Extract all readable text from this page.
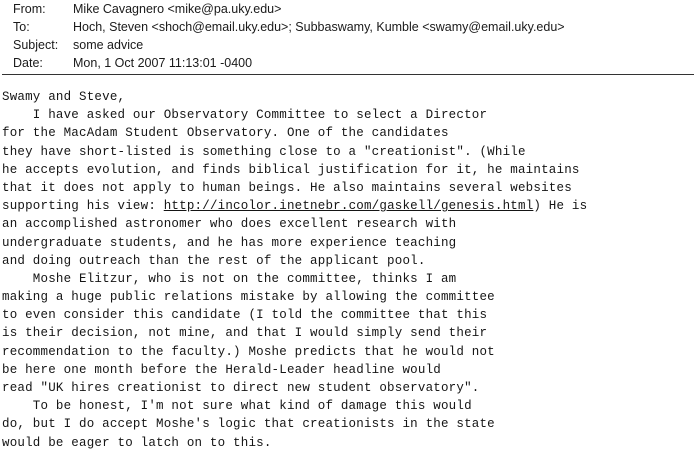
From: Mike Cavagnero <mike@pa.uky.edu>
To:	Hoch, Steven <shoch@email.uky.edu>; Subbaswamy, Kumble <swamy@email.uky.edu>
Subject: some advice
Date: Mon, 1 Oct 2007 11:13:01 -0400
Swamy and Steve,
I have asked our Observatory Committee to select a Director
for the MacAdam Student Observatory. One of the candidates
they have short-listed is something close to a "creationist". (While
he accepts evolution, and finds biblical justification for it, he maintains
that it does not apply to human beings. He also maintains several websites
supporting his view: http://incolor.inetnebr.com/gaskell/genesis.html) He is
an accomplished astronomer who does excellent research with
undergraduate students, and he has more experience teaching
and doing outreach than the rest of the applicant pool.
Moshe Elitzur, who is not on the committee, thinks I am
making a huge public relations mistake by allowing the committee
to even consider this candidate (I told the committee that this
is their decision, not mine, and that I would simply send their
recommendation to the faculty.) Moshe predicts that he would not
be here one month before the Herald-Leader headline would
read "UK hires creationist to direct new student observatory".
To be honest, I'm not sure what kind of damage this would
do, but I do accept Moshe's logic that creationists in the state
would be eager to latch on to this.
